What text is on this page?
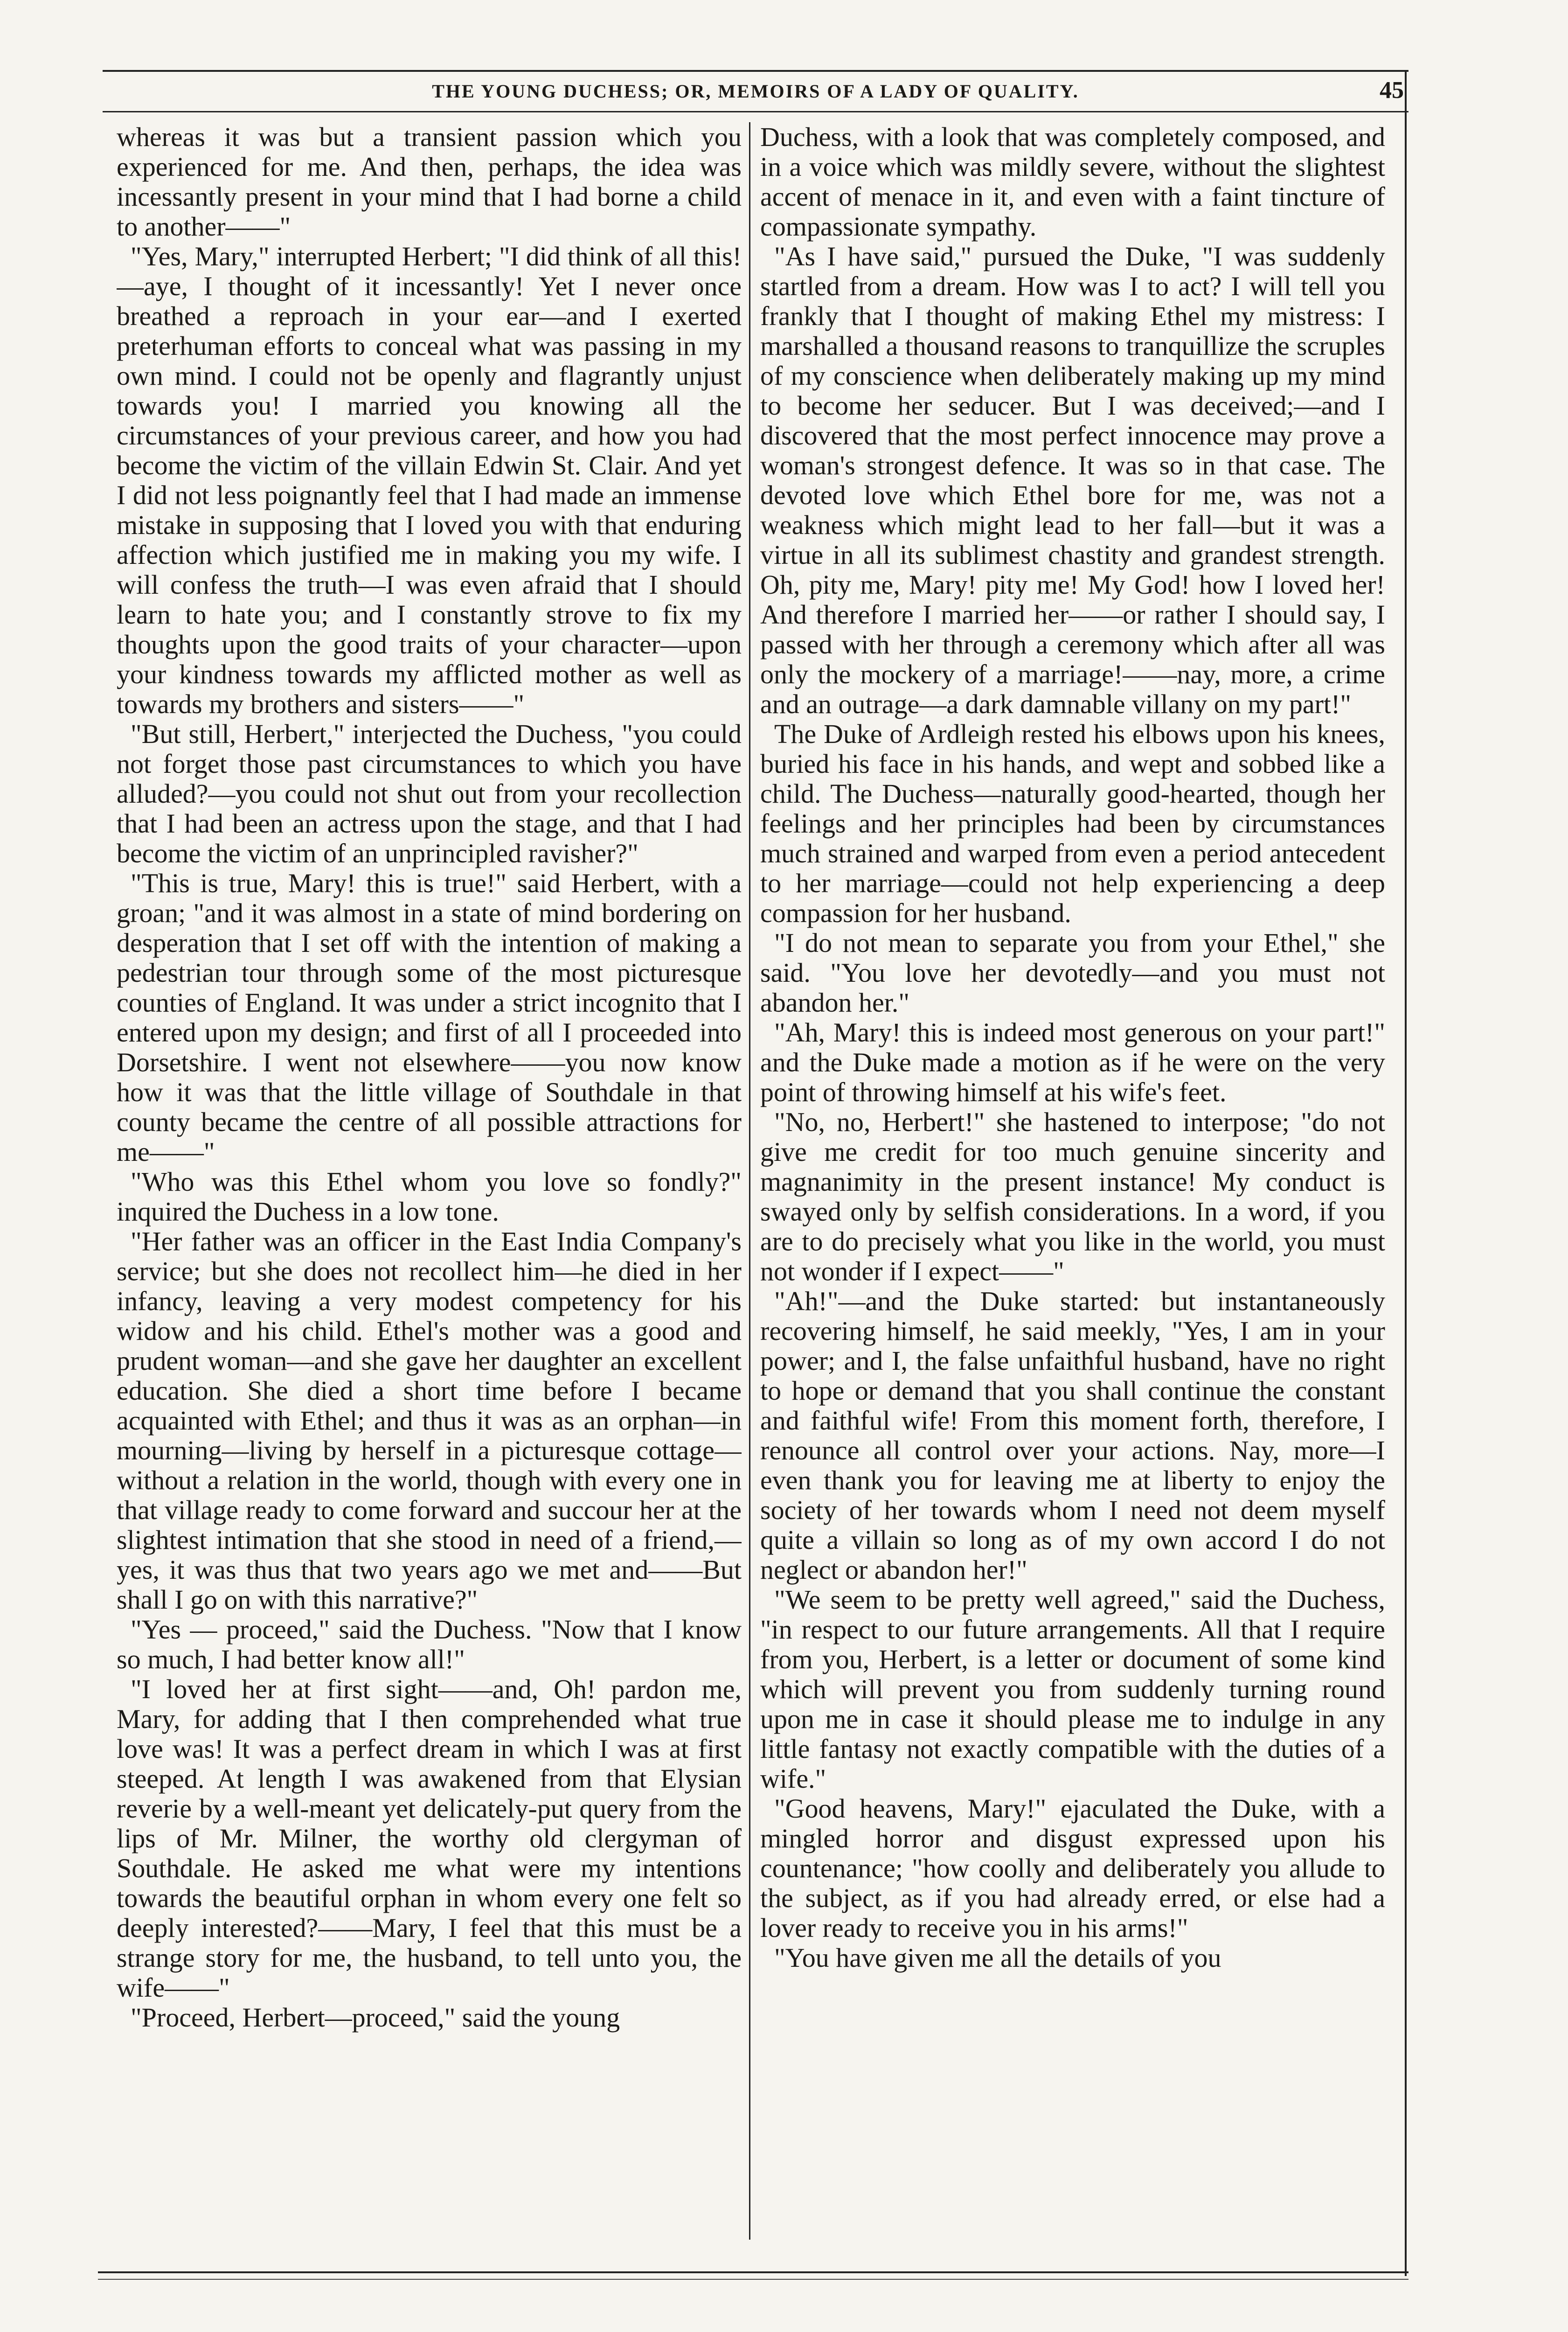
THE YOUNG DUCHESS; OR, MEMOIRS OF A LADY OF QUALITY.	45

whereas it was but a transient passion which you experienced for me. And then, perhaps, the idea was incessantly present in your mind that I had borne a child to another——"

"Yes, Mary," interrupted Herbert; "I did think of all this!—aye, I thought of it incessantly! Yet I never once breathed a reproach in your ear—and I exerted preterhuman efforts to conceal what was passing in my own mind. I could not be openly and flagrantly unjust towards you! I married you knowing all the circumstances of your previous career, and how you had become the victim of the villain Edwin St. Clair. And yet I did not less poignantly feel that I had made an immense mistake in supposing that I loved you with that enduring affection which justified me in making you my wife. I will confess the truth—I was even afraid that I should learn to hate you; and I constantly strove to fix my thoughts upon the good traits of your character—upon your kindness towards my afflicted mother as well as towards my brothers and sisters——"

"But still, Herbert," interjected the Duchess, "you could not forget those past circumstances to which you have alluded?—you could not shut out from your recollection that I had been an actress upon the stage, and that I had become the victim of an unprincipled ravisher?"

"This is true, Mary! this is true!" said Herbert, with a groan; "and it was almost in a state of mind bordering on desperation that I set off with the intention of making a pedestrian tour through some of the most picturesque counties of England. It was under a strict incognito that I entered upon my design; and first of all I proceeded into Dorsetshire. I went not elsewhere——you now know how it was that the little village of Southdale in that county became the centre of all possible attractions for me——"

"Who was this Ethel whom you love so fondly?" inquired the Duchess in a low tone.

"Her father was an officer in the East India Company's service; but she does not recollect him—he died in her infancy, leaving a very modest competency for his widow and his child. Ethel's mother was a good and prudent woman—and she gave her daughter an excellent education. She died a short time before I became acquainted with Ethel; and thus it was as an orphan—in mourning—living by herself in a picturesque cottage—without a relation in the world, though with every one in that village ready to come forward and succour her at the slightest intimation that she stood in need of a friend,—yes, it was thus that two years ago we met and——But shall I go on with this narrative?"

"Yes — proceed," said the Duchess. "Now that I know so much, I had better know all!"

"I loved her at first sight——and, Oh! pardon me, Mary, for adding that I then comprehended what true love was! It was a perfect dream in which I was at first steeped. At length I was awakened from that Elysian reverie by a well-meant yet delicately-put query from the lips of Mr. Milner, the worthy old clergyman of Southdale. He asked me what were my intentions towards the beautiful orphan in whom every one felt so deeply interested?——Mary, I feel that this must be a strange story for me, the husband, to tell unto you, the wife——"

"Proceed, Herbert—proceed," said the young

Duchess, with a look that was completely composed, and in a voice which was mildly severe, without the slightest accent of menace in it, and even with a faint tincture of compassionate sympathy.

"As I have said," pursued the Duke, "I was suddenly startled from a dream. How was I to act? I will tell you frankly that I thought of making Ethel my mistress: I marshalled a thousand reasons to tranquillize the scruples of my conscience when deliberately making up my mind to become her seducer. But I was deceived;—and I discovered that the most perfect innocence may prove a woman's strongest defence. It was so in that case. The devoted love which Ethel bore for me, was not a weakness which might lead to her fall—but it was a virtue in all its sublimest chastity and grandest strength. Oh, pity me, Mary! pity me! My God! how I loved her! And therefore I married her——or rather I should say, I passed with her through a ceremony which after all was only the mockery of a marriage!——nay, more, a crime and an outrage—a dark damnable villany on my part!"

The Duke of Ardleigh rested his elbows upon his knees, buried his face in his hands, and wept and sobbed like a child. The Duchess—naturally good-hearted, though her feelings and her principles had been by circumstances much strained and warped from even a period antecedent to her marriage—could not help experiencing a deep compassion for her husband.

"I do not mean to separate you from your Ethel," she said. "You love her devotedly—and you must not abandon her."

"Ah, Mary! this is indeed most generous on your part!" and the Duke made a motion as if he were on the very point of throwing himself at his wife's feet.

"No, no, Herbert!" she hastened to interpose; "do not give me credit for too much genuine sincerity and magnanimity in the present instance! My conduct is swayed only by selfish considerations. In a word, if you are to do precisely what you like in the world, you must not wonder if I expect——"

"Ah!"—and the Duke started: but instantaneously recovering himself, he said meekly, "Yes, I am in your power; and I, the false unfaithful husband, have no right to hope or demand that you shall continue the constant and faithful wife! From this moment forth, therefore, I renounce all control over your actions. Nay, more—I even thank you for leaving me at liberty to enjoy the society of her towards whom I need not deem myself quite a villain so long as of my own accord I do not neglect or abandon her!"

"We seem to be pretty well agreed," said the Duchess, "in respect to our future arrangements. All that I require from you, Herbert, is a letter or document of some kind which will prevent you from suddenly turning round upon me in case it should please me to indulge in any little fantasy not exactly compatible with the duties of a wife."

"Good heavens, Mary!" ejaculated the Duke, with a mingled horror and disgust expressed upon his countenance; "how coolly and deliberately you allude to the subject, as if you had already erred, or else had a lover ready to receive you in his arms!"

"You have given me all the details of you
